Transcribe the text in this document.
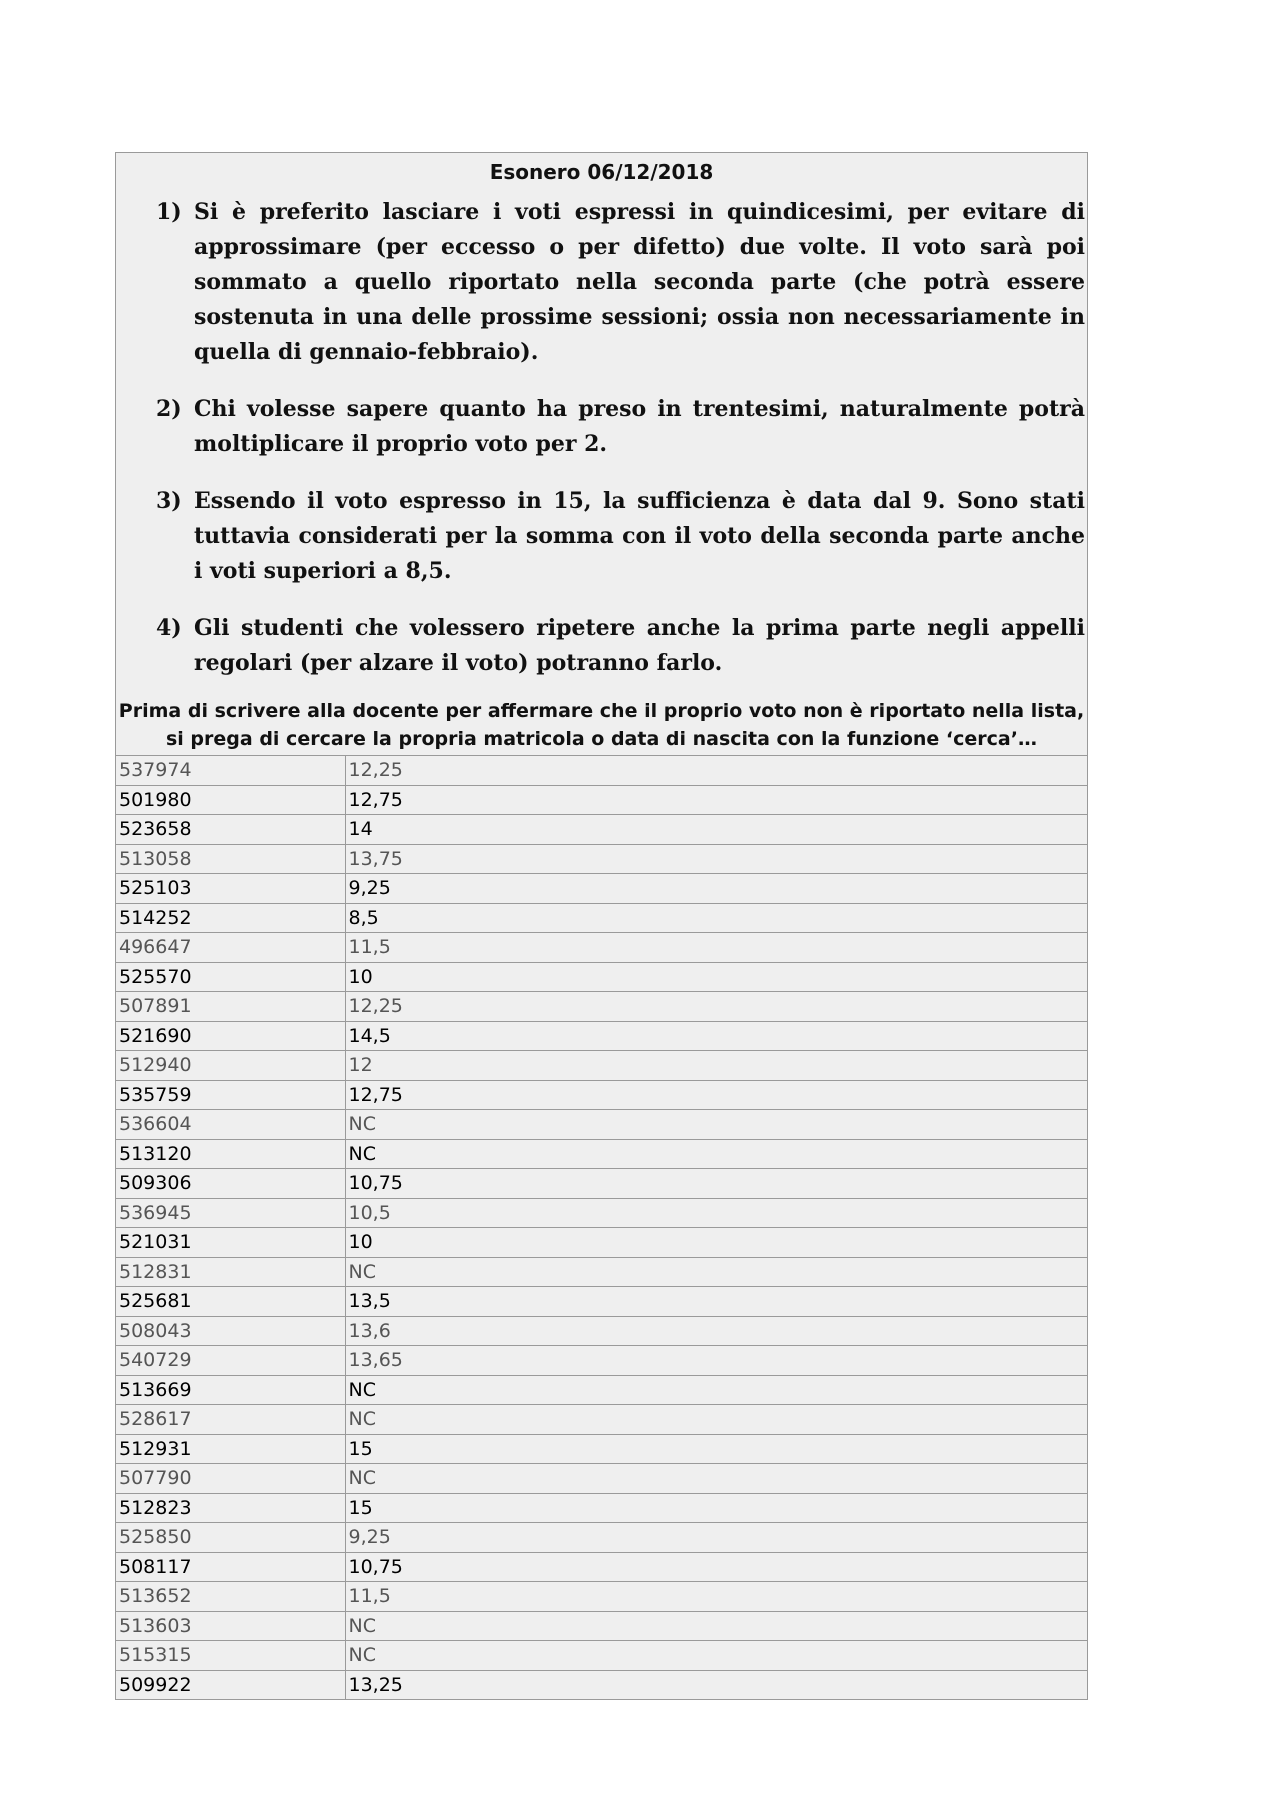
Esonero 06/12/2018
1) Si è preferito lasciare i voti espressi in quindicesimi, per evitare di approssimare (per eccesso o per difetto) due volte. Il voto sarà poi sommato a quello riportato nella seconda parte (che potrà essere sostenuta in una delle prossime sessioni; ossia non necessariamente in quella di gennaio-febbraio).
2) Chi volesse sapere quanto ha preso in trentesimi, naturalmente potrà moltiplicare il proprio voto per 2.
3) Essendo il voto espresso in 15, la sufficienza è data dal 9. Sono stati tuttavia considerati per la somma con il voto della seconda parte anche i voti superiori a 8,5.
4) Gli studenti che volessero ripetere anche la prima parte negli appelli regolari (per alzare il voto) potranno farlo.
Prima di scrivere alla docente per affermare che il proprio voto non è riportato nella lista, si prega di cercare la propria matricola o data di nascita con la funzione ‘cerca’…
537974	12,25
501980	12,75
523658	14
513058	13,75
525103	9,25
514252	8,5
496647	11,5
525570	10
507891	12,25
521690	14,5
512940	12
535759	12,75
536604	NC
513120	NC
509306	10,75
536945	10,5
521031	10
512831	NC
525681	13,5
508043	13,6
540729	13,65
513669	NC
528617	NC
512931	15
507790	NC
512823	15
525850	9,25
508117	10,75
513652	11,5
513603	NC
515315	NC
509922	13,25
